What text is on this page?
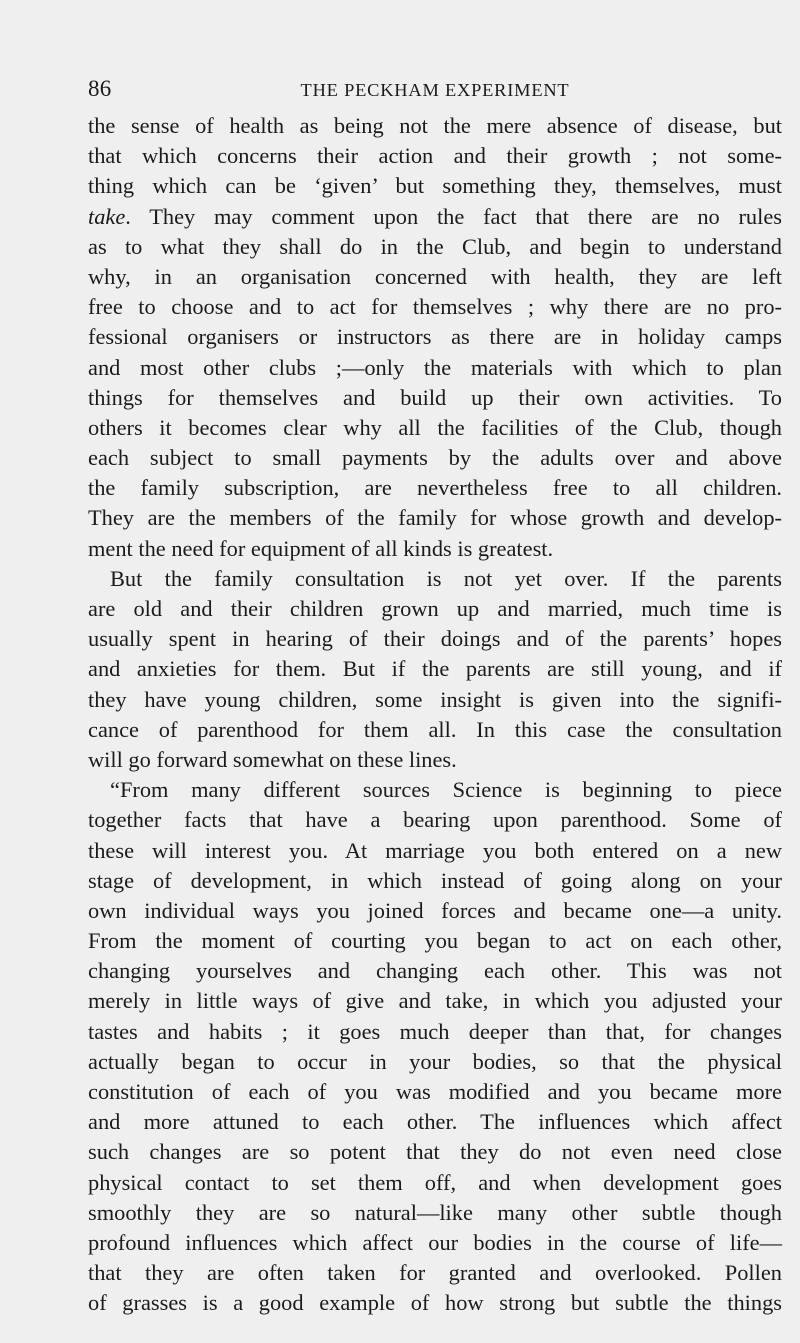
86	THE PECKHAM EXPERIMENT
the sense of health as being not the mere absence of disease, but
that which concerns their action and their growth ; not some-
thing which can be ‘given’ but something they, themselves, must
take. They may comment upon the fact that there are no rules
as to what they shall do in the Club, and begin to understand
why, in an organisation concerned with health, they are left
free to choose and to act for themselves ; why there are no pro-
fessional organisers or instructors as there are in holiday camps
and most other clubs ;—only the materials with which to plan
things for themselves and build up their own activities. To
others it becomes clear why all the facilities of the Club, though
each subject to small payments by the adults over and above
the family subscription, are nevertheless free to all children.
They are the members of the family for whose growth and develop-
ment the need for equipment of all kinds is greatest.
But the family consultation is not yet over. If the parents
are old and their children grown up and married, much time is
usually spent in hearing of their doings and of the parents’ hopes
and anxieties for them. But if the parents are still young, and if
they have young children, some insight is given into the signifi-
cance of parenthood for them all. In this case the consultation
will go forward somewhat on these lines.
“From many different sources Science is beginning to piece
together facts that have a bearing upon parenthood. Some of
these will interest you. At marriage you both entered on a new
stage of development, in which instead of going along on your
own individual ways you joined forces and became one—a unity.
From the moment of courting you began to act on each other,
changing yourselves and changing each other. This was not
merely in little ways of give and take, in which you adjusted your
tastes and habits ; it goes much deeper than that, for changes
actually began to occur in your bodies, so that the physical
constitution of each of you was modified and you became more
and more attuned to each other. The influences which affect
such changes are so potent that they do not even need close
physical contact to set them off, and when development goes
smoothly they are so natural—like many other subtle though
profound influences which affect our bodies in the course of life—
that they are often taken for granted and overlooked. Pollen
of grasses is a good example of how strong but subtle the things
